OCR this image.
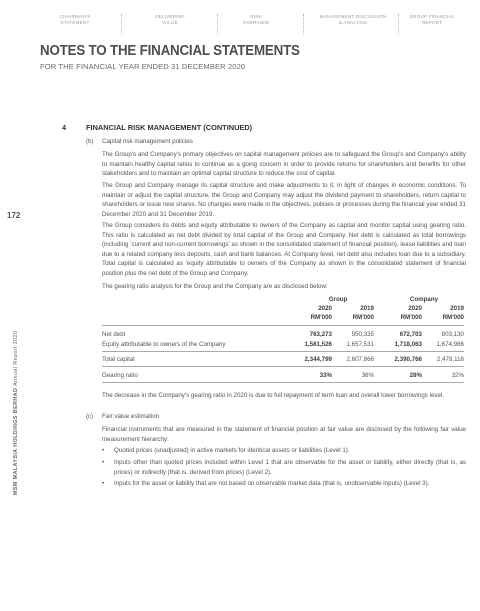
CHAIRMAN'S
STATEMENT
DELIVERING
VALUE
RISK
OVERVIEW
MANAGEMENT DISCUSSION
& ANALYSIS
GROUP FINANCIAL
REPORT
NOTES TO THE FINANCIAL STATEMENTS
FOR THE FINANCIAL YEAR ENDED 31 DECEMBER 2020
172
MSM MALAYSIA HOLDINGS BERHAD Annual Report 2020
4	FINANCIAL RISK MANAGEMENT (CONTINUED)
(b) Capital risk management policies
The Group's and Company's primary objectives on capital management policies are to safeguard the Group's and Company's ability to maintain healthy capital ratios to continue as a going concern in order to provide returns for shareholders and benefits for other stakeholders and to maintain an optimal capital structure to reduce the cost of capital.
The Group and Company manage its capital structure and make adjustments to it, in light of changes in economic conditions. To maintain or adjust the capital structure, the Group and Company may adjust the dividend payment to shareholders, return capital to shareholders or issue new shares. No changes were made in the objectives, policies or processes during the financial year ended 31 December 2020 and 31 December 2019.
The Group considers its debts and equity attributable to owners of the Company as capital and monitor capital using gearing ratio. This ratio is calculated as net debt divided by total capital of the Group and Company. Net debt is calculated as total borrowings (including 'current and non-current borrowings' as shown in the consolidated statement of financial position), lease liabilities and loan due to a related company less deposits, cash and bank balances. At Company level, net debt also includes loan due to a subsidiary. Total capital is calculated as 'equity attributable to owners of the Company as shown in the consolidated statement of financial position plus the net debt of the Group and Company.
The gearing ratio analysis for the Group and the Company are as disclosed below:
Group	Company
2020	2019	2020	2019
RM'000	RM'000	RM'000	RM'000
Net debt	763,273	950,335	672,703	803,130
Equity attributable to owners of the Company	1,581,526	1,657,531	1,718,063	1,674,986
Total capital	2,344,799	2,607,866	2,390,766	2,478,116
Gearing ratio	33%	36%	28%	32%
The decrease in the Company's gearing ratio in 2020 is due to full repayment of term loan and overall lower borrowings level.
(c) Fair value estimation
Financial instruments that are measured in the statement of financial position at fair value are disclosed by the following fair value measurement hierarchy:
• Quoted prices (unadjusted) in active markets for identical assets or liabilities (Level 1).
• Inputs other than quoted prices included within Level 1 that are observable for the asset or liability, either directly (that is, as prices) or indirectly (that is, derived from prices) (Level 2).
• Inputs for the asset or liability that are not based on observable market data (that is, unobservable inputs) (Level 3).
